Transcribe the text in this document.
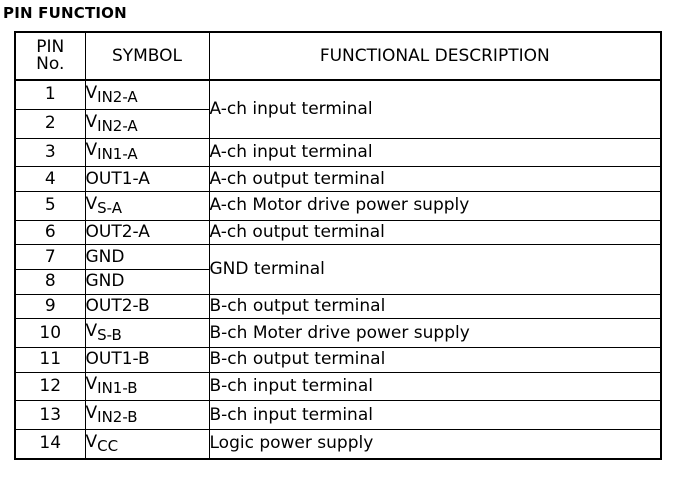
PIN FUNCTION
PIN
No.	SYMBOL	FUNCTIONAL DESCRIPTION
1	VIN2-A	A-ch input terminal
2	VIN2-A	
3	VIN1-A	A-ch input terminal
4	OUT1-A	A-ch output terminal
5	VS-A	A-ch Motor drive power supply
6	OUT2-A	A-ch output terminal
7	GND	GND terminal
8	GND	
9	OUT2-B	B-ch output terminal
10	VS-B	B-ch Moter drive power supply
11	OUT1-B	B-ch output terminal
12	VIN1-B	B-ch input terminal
13	VIN2-B	B-ch input terminal
14	VCC	Logic power supply
